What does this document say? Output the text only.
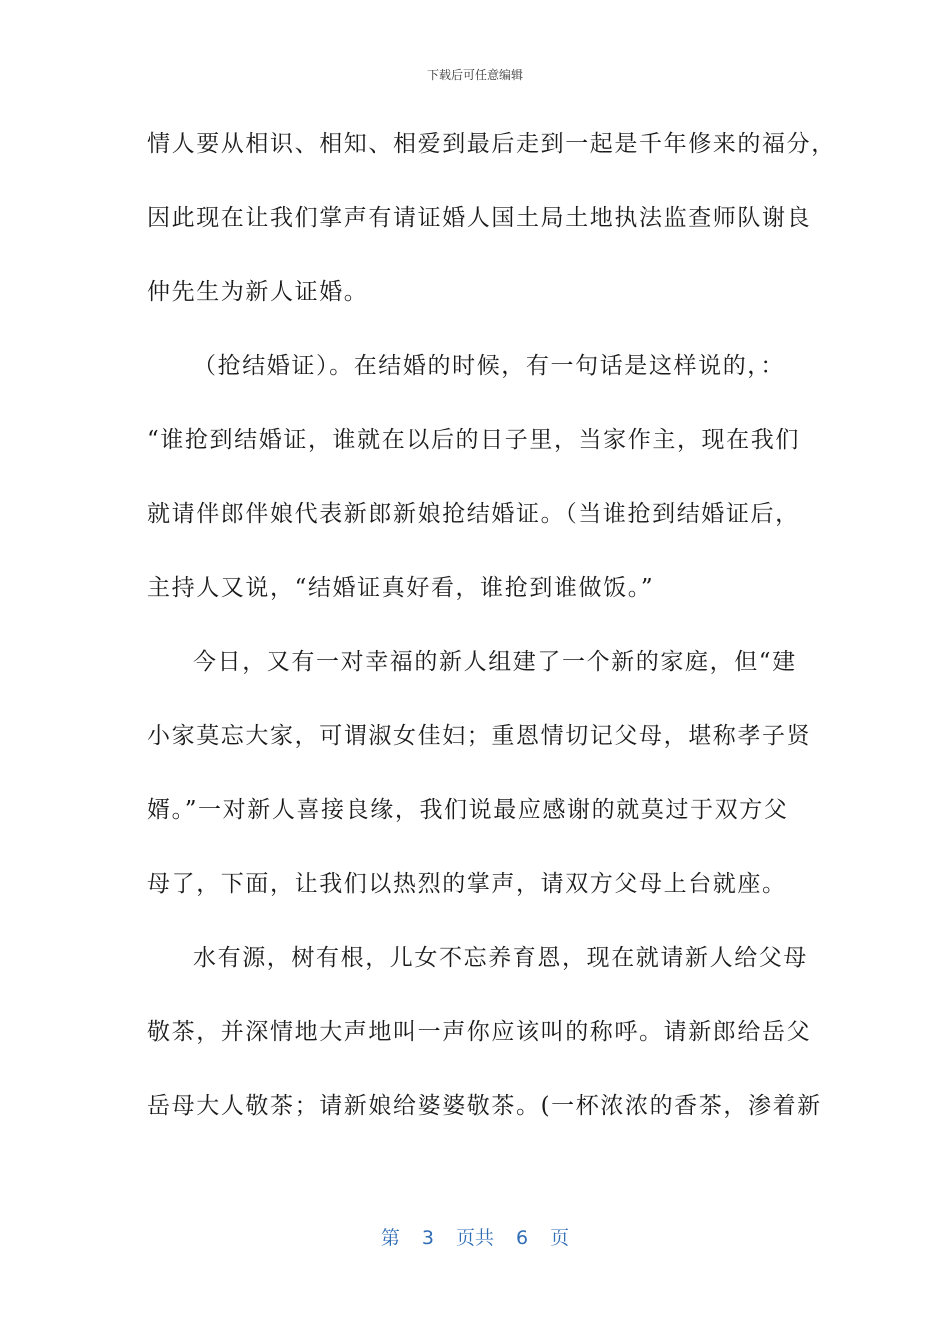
下载后可任意编辑
情人要从相识、相知、相爱到最后走到一起是千年修来的福分，
因此现在让我们掌声有请证婚人国土局土地执法监查师队谢良
仲先生为新人证婚。
（抢结婚证）。在结婚的时候，有一句话是这样说的，：
“谁抢到结婚证，谁就在以后的日子里，当家作主，现在我们
就请伴郎伴娘代表新郎新娘抢结婚证。（当谁抢到结婚证后，
主持人又说，“结婚证真好看，谁抢到谁做饭。”
今日，又有一对幸福的新人组建了一个新的家庭，但“建
小家莫忘大家，可谓淑女佳妇；重恩情切记父母，堪称孝子贤
婿。”一对新人喜接良缘，我们说最应感谢的就莫过于双方父
母了，下面，让我们以热烈的掌声，请双方父母上台就座。
水有源，树有根，儿女不忘养育恩，现在就请新人给父母
敬茶，并深情地大声地叫一声你应该叫的称呼。请新郎给岳父
岳母大人敬茶；请新娘给婆婆敬茶。(一杯浓浓的香茶，渗着新
第 3 页共 6 页
